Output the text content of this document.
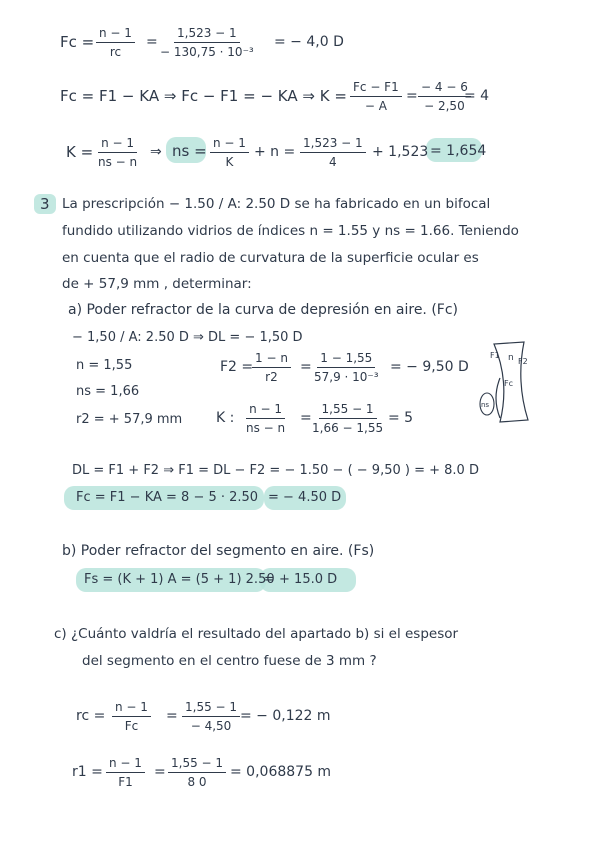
$Fc = \frac{n - 1}{rc} = \frac{1,523 - 1}{\text{− 130,75 · 10⁻³}}$ = − 4,0 D
Fc = F1 − KA ⇒ Fc − F1 = − KA ⇒ $K = \frac{Fc - F1}{- A} = \frac{- 4 - 6}{- 2,50}$
= 4
$K = \frac{n - 1}{ns - n}$ ⇒ ns = $\frac{n - 1}{K} + n = \frac{1,523 - 1}{4} + 1,523 = 1,654$
3 La prescripción − 1.50 / A: 2.50 D se ha fabricado en un bifocal
fundido utilizando vidrios de índices n = 1.55 y ns = 1.66. Teniendo
en cuenta que el radio de curvatura de la superficie ocular es
de + 57,9 mm , determinar:
a) Poder refractor de la curva de depresión en aire. (Fc)
− 1,50 / A: 2.50 D ⇒ DL = − 1,50 D
n = 1,55
ns = 1,66
r2 = + 57,9 mm
F2 =
$\frac{1 - n}{r2} = \frac{1 - 1,55}{\text{57,9 · 10⁻³}}$ = − 9,50 D
K : $\frac{n - 1}{ns - n} = \frac{1,55 - 1}{1,66 - 1,55} = 5$
F1 n F2
Fc
ns
DL = F1 + F2 ⇒ F1 = DL − F2 = − 1.50 − ( − 9,50 ) = + 8.0 D
Fc = F1 − KA = 8 − 5 · 2.50 = − 4.50 D
b) Poder refractor del segmento en aire. (Fs)
Fs = (K + 1) A = (5 + 1) 2.50
= + 15.0 D
c) ¿Cuánto valdría el resultado del apartado b) si el espesor
del segmento en el centro fuese de 3 mm ?
rc = $\frac{n - 1}{Fc} = \frac{1,55 - 1}{- 4,50}$ = − 0,122 m
$r1 = \frac{n - 1}{F1} = \frac{1,55 - 1}{8 0} = 0,068875$ m
